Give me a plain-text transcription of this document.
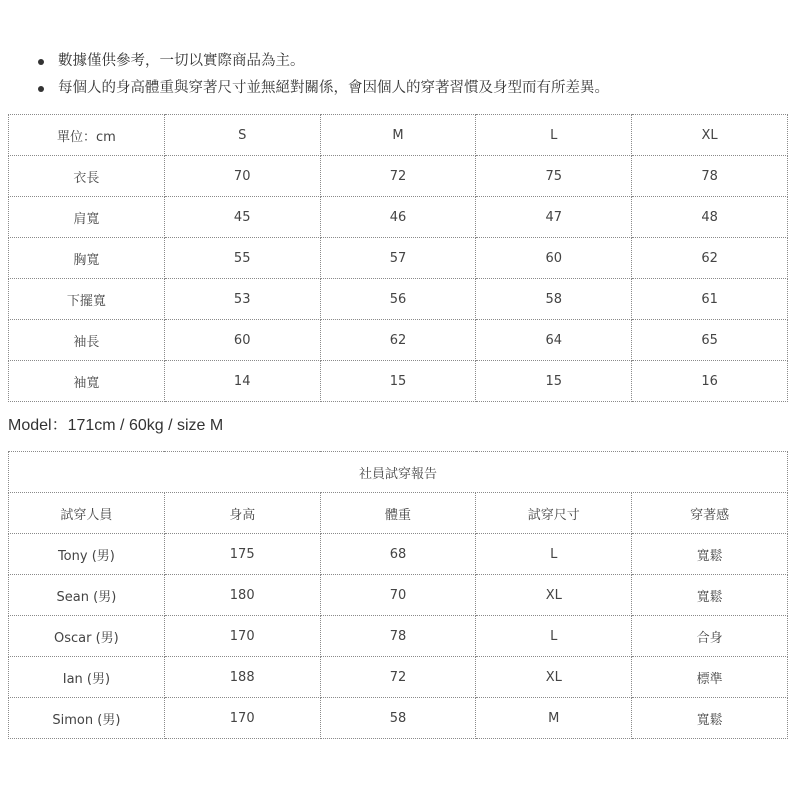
數據僅供參考，一切以實際商品為主。
每個人的身高體重與穿著尺寸並無絕對關係，會因個人的穿著習慣及身型而有所差異。
單位：cm	S	M	L	XL
衣長	70	72	75	78
肩寬	45	46	47	48
胸寬	55	57	60	62
下擺寬	53	56	58	61
袖長	60	62	64	65
袖寬	14	15	15	16
Model：171cm / 60kg / size M
社員試穿報告				
試穿人員	身高	體重	試穿尺寸	穿著感
Tony (男)	175	68	L	寬鬆
Sean (男)	180	70	XL	寬鬆
Oscar (男)	170	78	L	合身
Ian (男)	188	72	XL	標準
Simon (男)	170	58	M	寬鬆
